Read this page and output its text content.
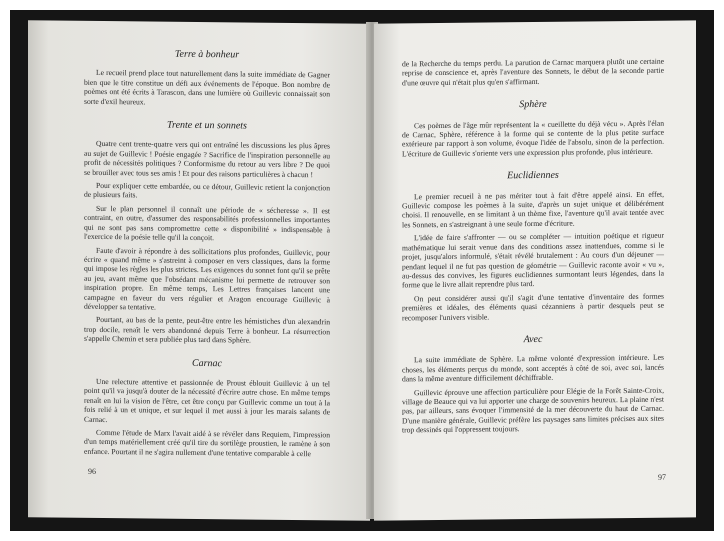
Terre à bonheur

Le recueil prend place tout naturellement dans la suite immédiate de Gagner bien que le titre constitue un défi aux événements de l'époque. Bon nombre de poèmes ont été écrits à Tarascon, dans une lumière où Guillevic connaissait son sorte d'exil heureux.

Trente et un sonnets

Quatre cent trente-quatre vers qui ont entraîné les discussions les plus âpres au sujet de Guillevic ! Poésie engagée ? Sacrifice de l'inspiration personnelle au profit de nécessités politiques ? Conformisme du retour au vers libre ? De quoi se brouiller avec tous ses amis ! Et pour des raisons particulières à chacun !

Pour expliquer cette embardée, ou ce détour, Guillevic retient la conjonction de plusieurs faits.

Sur le plan personnel il connaît une période de « sécheresse ». Il est contraint, en outre, d'assumer des responsabilités professionnelles importantes qui ne sont pas sans compromettre cette « disponibilité » indispensable à l'exercice de la poésie telle qu'il la conçoit.

Faute d'avoir à répondre à des sollicitations plus profondes, Guillevic, pour écrire « quand même » s'astreint à composer en vers classiques, dans la forme qui impose les règles les plus strictes. Les exigences du sonnet font qu'il se prête au jeu, avant même que l'obsédant mécanisme lui permette de retrouver son inspiration propre. En même temps, Les Lettres françaises lancent une campagne en faveur du vers régulier et Aragon encourage Guillevic à développer sa tentative.

Pourtant, au bas de la pente, peut-être entre les hémistiches d'un alexandrin trop docile, renaît le vers abandonné depuis Terre à bonheur. La résurrection s'appelle Chemin et sera publiée plus tard dans Sphère.

Carnac

Une relecture attentive et passionnée de Proust éblouit Guillevic à un tel point qu'il va jusqu'à douter de la nécessité d'écrire autre chose. En même temps renaît en lui la vision de l'être, cet être conçu par Guillevic comme un tout à la fois relié à un et unique, et sur lequel il met aussi à jour les marais salants de Carnac.

Comme l'étude de Marx l'avait aidé à se révéler dans Requiem, l'impression d'un temps matériellement créé qu'il tire du sortilège proustien, le ramène à son enfance. Pourtant il ne s'agira nullement d'une tentative comparable à celle

96

de la Recherche du temps perdu. La parution de Carnac marquera plutôt une certaine reprise de conscience et, après l'aventure des Sonnets, le début de la seconde partie d'une œuvre qui n'était plus qu'en s'affirmant.

Sphère

Ces poèmes de l'âge mûr représentent la « cueillette du déjà vécu ». Après l'élan de Carnac, Sphère, référence à la forme qui se contente de la plus petite surface extérieure par rapport à son volume, évoque l'idée de l'absolu, sinon de la perfection. L'écriture de Guillevic s'oriente vers une expression plus profonde, plus intérieure.

Euclidiennes

Le premier recueil à ne pas mériter tout à fait d'être appelé ainsi. En effet, Guillevic compose les poèmes à la suite, d'après un sujet unique et délibérément choisi. Il renouvelle, en se limitant à un thème fixe, l'aventure qu'il avait tentée avec les Sonnets, en s'astreignant à une seule forme d'écriture.

L'idée de faire s'affronter — ou se compléter — intuition poétique et rigueur mathématique lui serait venue dans des conditions assez inattendues, comme si le projet, jusqu'alors informulé, s'était révélé brutalement : Au cours d'un déjeuner — pendant lequel il ne fut pas question de géométrie — Guillevic raconte avoir « vu », au-dessus des convives, les figures euclidiennes surmontant leurs légendes, dans la forme que le livre allait reprendre plus tard.

On peut considérer aussi qu'il s'agit d'une tentative d'inventaire des formes premières et idéales, des éléments quasi cézanniens à partir desquels peut se recomposer l'univers visible.

Avec

La suite immédiate de Sphère. La même volonté d'expression intérieure. Les choses, les éléments perçus du monde, sont acceptés à côté de soi, avec soi, lancés dans la même aventure difficilement déchiffrable.

Guillevic éprouve une affection particulière pour Elégie de la Forêt Sainte-Croix, village de Beauce qui va lui apporter une charge de souvenirs heureux. La plaine n'est pas, par ailleurs, sans évoquer l'immensité de la mer découverte du haut de Carnac. D'une manière générale, Guillevic préfère les paysages sans limites précises aux sites trop dessinés qui l'oppressent toujours.

97
